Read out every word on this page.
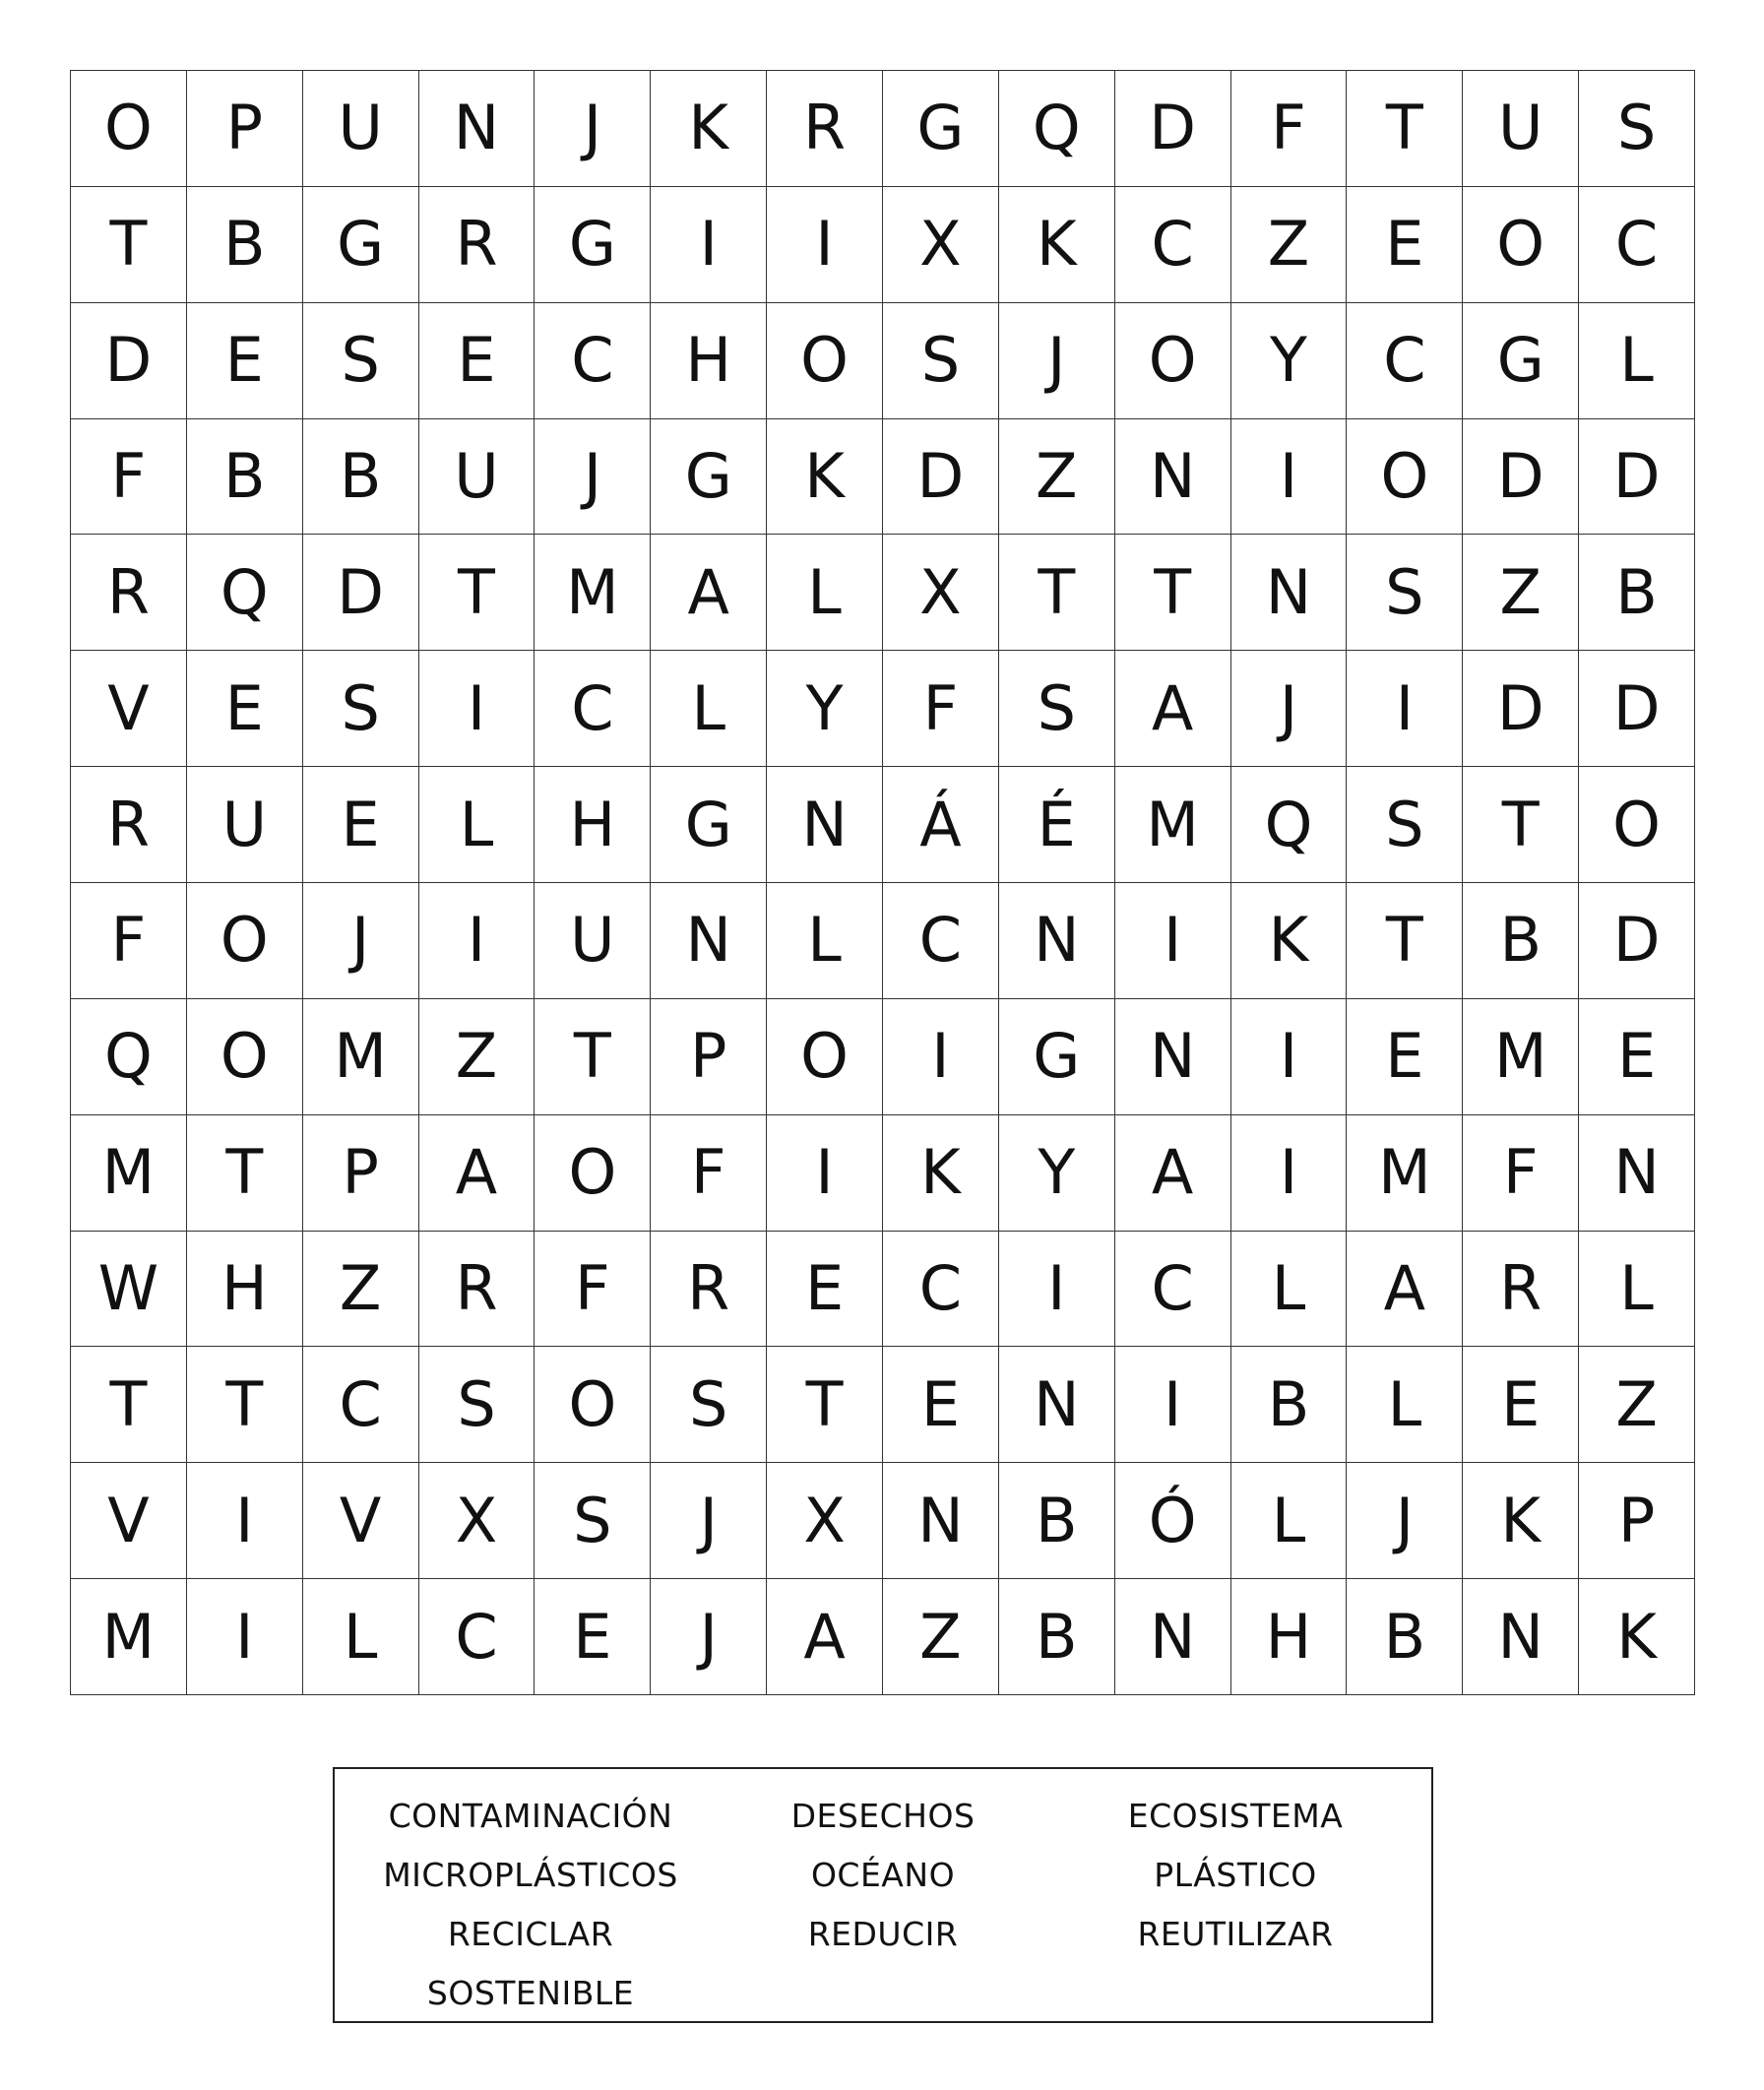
O	P	U	N	J	K	R	G	Q	D	F	T	U	S
T	B	G	R	G	I	I	X	K	C	Z	E	O	C
D	E	S	E	C	H	O	S	J	O	Y	C	G	L
F	B	B	U	J	G	K	D	Z	N	I	O	D	D
R	Q	D	T	M	A	L	X	T	T	N	S	Z	B
V	E	S	I	C	L	Y	F	S	A	J	I	D	D
R	U	E	L	H	G	N	Á	É	M	Q	S	T	O
F	O	J	I	U	N	L	C	N	I	K	T	B	D
Q	O	M	Z	T	P	O	I	G	N	I	E	M	E
M	T	P	A	O	F	I	K	Y	A	I	M	F	N
W	H	Z	R	F	R	E	C	I	C	L	A	R	L
T	T	C	S	O	S	T	E	N	I	B	L	E	Z
V	I	V	X	S	J	X	N	B	Ó	L	J	K	P
M	I	L	C	E	J	A	Z	B	N	H	B	N	K
CONTAMINACIÓN	DESECHOS	ECOSISTEMA
MICROPLÁSTICOS	OCÉANO	PLÁSTICO
RECICLAR	REDUCIR	REUTILIZAR
SOSTENIBLE
